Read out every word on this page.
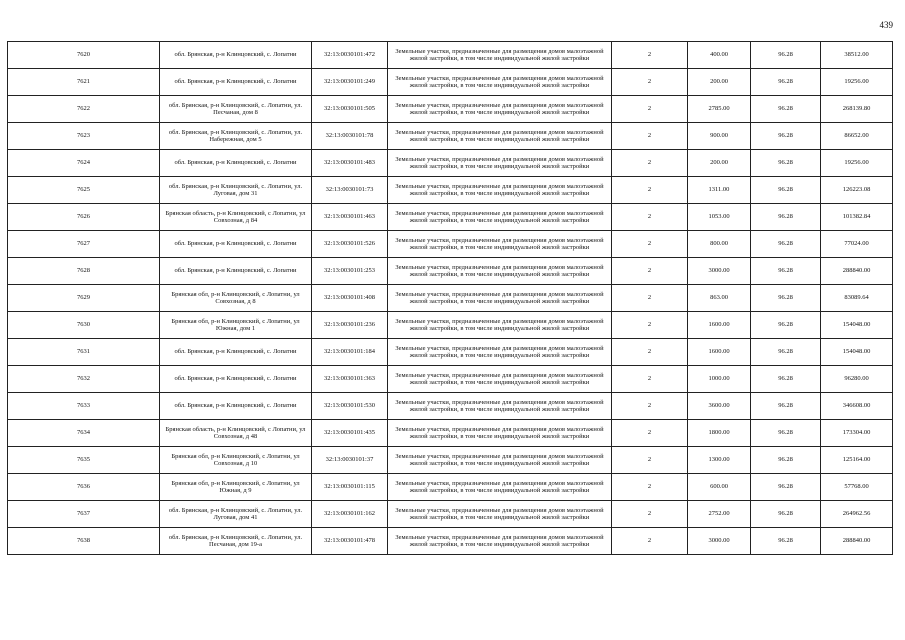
439
7620	обл. Брянская, р-н Клинцовский, с. Лопатни	32:13:0030101:472	Земельные участки, предназначенные для размещения домов малоэтажной жилой застройки, в том числе индивидуальной жилой застройки	2	400.00	96.28	38512.00
7621	обл. Брянская, р-н Клинцовский, с. Лопатни	32:13:0030101:249	Земельные участки, предназначенные для размещения домов малоэтажной жилой застройки, в том числе индивидуальной жилой застройки	2	200.00	96.28	19256.00
7622	обл. Брянская, р-н Клинцовский, с. Лопатни, ул. Песчаная, дом 8	32:13:0030101:505	Земельные участки, предназначенные для размещения домов малоэтажной жилой застройки, в том числе индивидуальной жилой застройки	2	2785.00	96.28	268139.80
7623	обл. Брянская, р-н Клинцовский, с. Лопатни, ул. Набережная, дом 5	32:13:0030101:78	Земельные участки, предназначенные для размещения домов малоэтажной жилой застройки, в том числе индивидуальной жилой застройки	2	900.00	96.28	86652.00
7624	обл. Брянская, р-н Клинцовский, с. Лопатни	32:13:0030101:483	Земельные участки, предназначенные для размещения домов малоэтажной жилой застройки, в том числе индивидуальной жилой застройки	2	200.00	96.28	19256.00
7625	обл. Брянская, р-н Клинцовский, с. Лопатни, ул. Луговая, дом 31	32:13:0030101:73	Земельные участки, предназначенные для размещения домов малоэтажной жилой застройки, в том числе индивидуальной жилой застройки	2	1311.00	96.28	126223.08
7626	Брянская область, р-н Клинцовский, с Лопатни, ул Совхозная, д 84	32:13:0030101:463	Земельные участки, предназначенные для размещения домов малоэтажной жилой застройки, в том числе индивидуальной жилой застройки	2	1053.00	96.28	101382.84
7627	обл. Брянская, р-н Клинцовский, с. Лопатни	32:13:0030101:526	Земельные участки, предназначенные для размещения домов малоэтажной жилой застройки, в том числе индивидуальной жилой застройки	2	800.00	96.28	77024.00
7628	обл. Брянская, р-н Клинцовский, с. Лопатни	32:13:0030101:253	Земельные участки, предназначенные для размещения домов малоэтажной жилой застройки, в том числе индивидуальной жилой застройки	2	3000.00	96.28	288840.00
7629	Брянская обл, р-н Клинцовский, с Лопатни, ул Совхозная, д 8	32:13:0030101:408	Земельные участки, предназначенные для размещения домов малоэтажной жилой застройки, в том числе индивидуальной жилой застройки	2	863.00	96.28	83089.64
7630	Брянская обл, р-н Клинцовский, с Лопатни, ул Южная, дом 1	32:13:0030101:236	Земельные участки, предназначенные для размещения домов малоэтажной жилой застройки, в том числе индивидуальной жилой застройки	2	1600.00	96.28	154048.00
7631	обл. Брянская, р-н Клинцовский, с. Лопатни	32:13:0030101:184	Земельные участки, предназначенные для размещения домов малоэтажной жилой застройки, в том числе индивидуальной жилой застройки	2	1600.00	96.28	154048.00
7632	обл. Брянская, р-н Клинцовский, с. Лопатни	32:13:0030101:363	Земельные участки, предназначенные для размещения домов малоэтажной жилой застройки, в том числе индивидуальной жилой застройки	2	1000.00	96.28	96280.00
7633	обл. Брянская, р-н Клинцовский, с. Лопатни	32:13:0030101:530	Земельные участки, предназначенные для размещения домов малоэтажной жилой застройки, в том числе индивидуальной жилой застройки	2	3600.00	96.28	346608.00
7634	Брянская область, р-н Клинцовский, с Лопатни, ул Совхозная, д 48	32:13:0030101:435	Земельные участки, предназначенные для размещения домов малоэтажной жилой застройки, в том числе индивидуальной жилой застройки	2	1800.00	96.28	173304.00
7635	Брянская обл, р-н Клинцовский, с Лопатни, ул Совхозная, д 10	32:13:0030101:37	Земельные участки, предназначенные для размещения домов малоэтажной жилой застройки, в том числе индивидуальной жилой застройки	2	1300.00	96.28	125164.00
7636	Брянская обл, р-н Клинцовский, с Лопатни, ул Южная, д 9	32:13:0030101:115	Земельные участки, предназначенные для размещения домов малоэтажной жилой застройки, в том числе индивидуальной жилой застройки	2	600.00	96.28	57768.00
7637	обл. Брянская, р-н Клинцовский, с. Лопатни, ул. Луговая, дом 41	32:13:0030101:162	Земельные участки, предназначенные для размещения домов малоэтажной жилой застройки, в том числе индивидуальной жилой застройки	2	2752.00	96.28	264962.56
7638	обл. Брянская, р-н Клинцовский, с. Лопатни, ул. Песчаная, дом 19-а	32:13:0030101:478	Земельные участки, предназначенные для размещения домов малоэтажной жилой застройки, в том числе индивидуальной жилой застройки	2	3000.00	96.28	288840.00
